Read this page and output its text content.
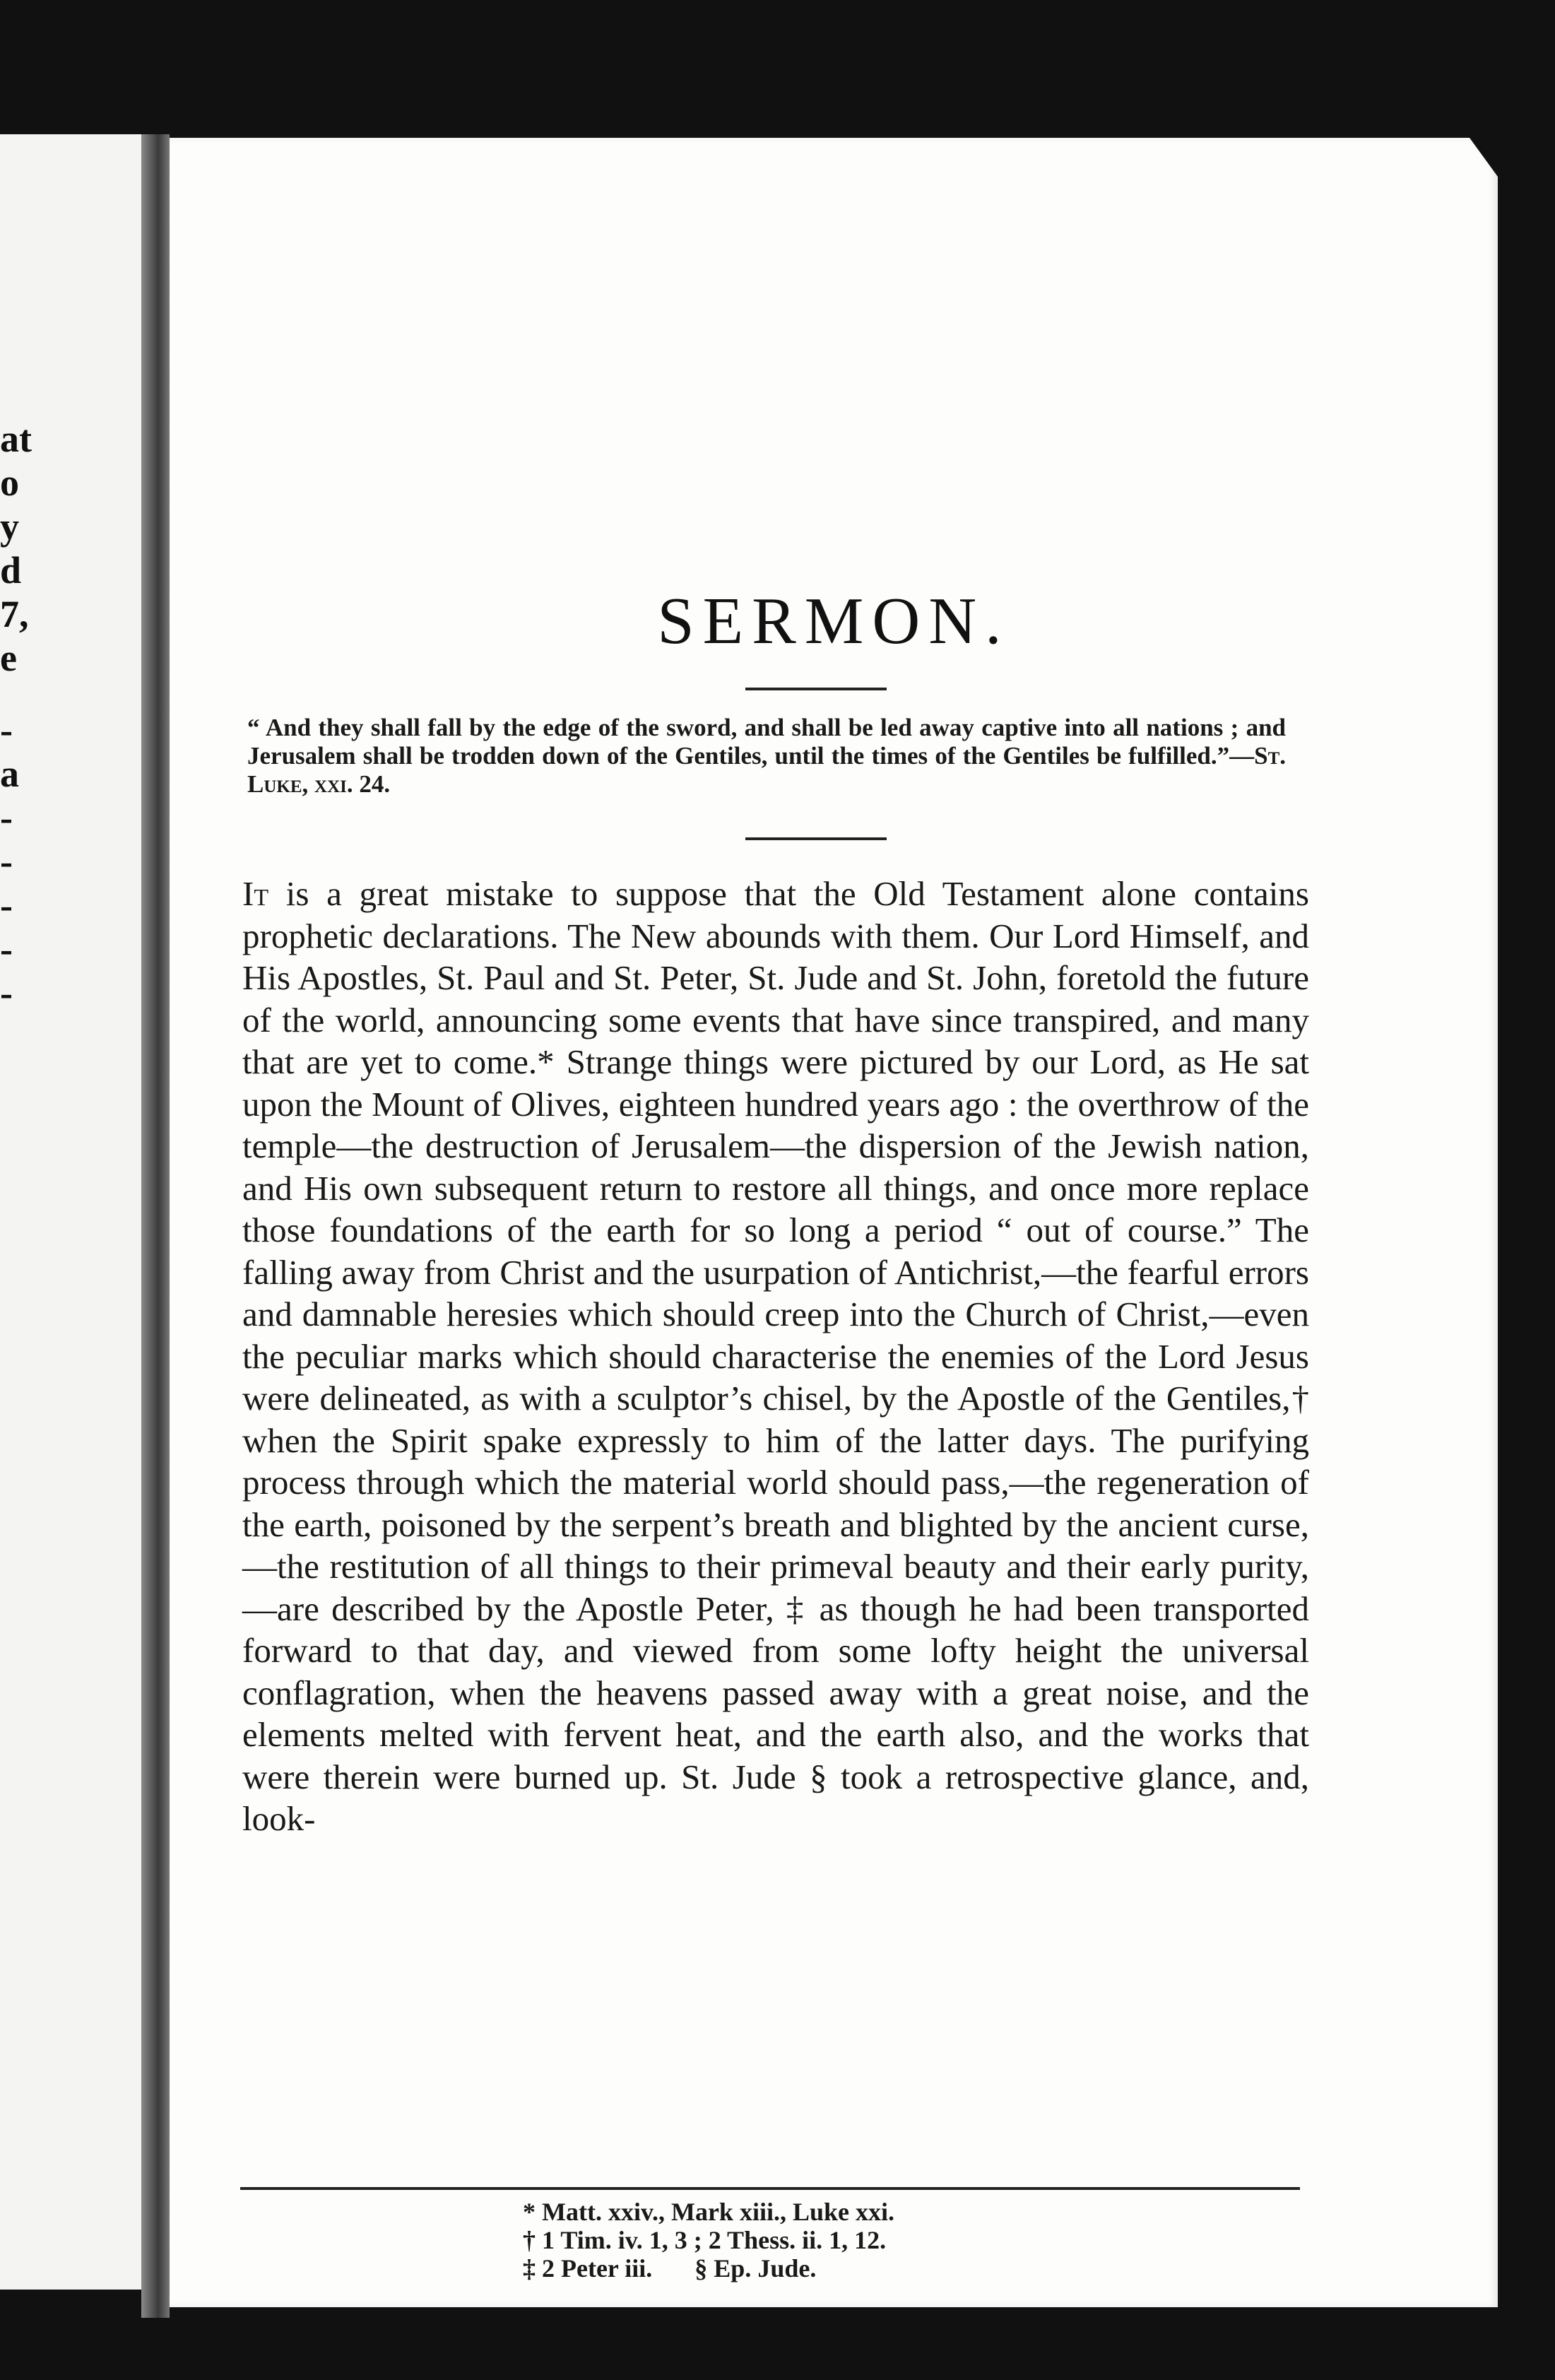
at
o
y
d
7,
e
-
a
-
-
-
-
-
SERMON.
“ And they shall fall by the edge of the sword, and shall be led away captive into all nations ; and Jerusalem shall be trodden down of the Gentiles, until the times of the Gentiles be fulfilled.”—St. Luke, xxi. 24.
It is a great mistake to suppose that the Old Testament alone contains prophetic declarations. The New abounds with them. Our Lord Himself, and His Apostles, St. Paul and St. Peter, St. Jude and St. John, foretold the future of the world, announcing some events that have since transpired, and many that are yet to come.* Strange things were pictured by our Lord, as He sat upon the Mount of Olives, eighteen hundred years ago : the overthrow of the temple—the destruction of Jerusalem—the dispersion of the Jewish nation, and His own subsequent return to restore all things, and once more replace those foundations of the earth for so long a period “ out of course.” The falling away from Christ and the usurpation of Antichrist,—the fearful errors and damnable heresies which should creep into the Church of Christ,—even the peculiar marks which should characterise the enemies of the Lord Jesus were delineated, as with a sculptor’s chisel, by the Apostle of the Gentiles,† when the Spirit spake expressly to him of the latter days. The purifying process through which the material world should pass,—the regeneration of the earth, poisoned by the serpent’s breath and blighted by the ancient curse,—the restitution of all things to their primeval beauty and their early purity,—are described by the Apostle Peter, ‡ as though he had been transported forward to that day, and viewed from some lofty height the universal conflagration, when the heavens passed away with a great noise, and the elements melted with fervent heat, and the earth also, and the works that were therein were burned up. St. Jude § took a retrospective glance, and, look-
* Matt. xxiv., Mark xiii., Luke xxi.
† 1 Tim. iv. 1, 3 ; 2 Thess. ii. 1, 12.
‡ 2 Peter iii. § Ep. Jude.
